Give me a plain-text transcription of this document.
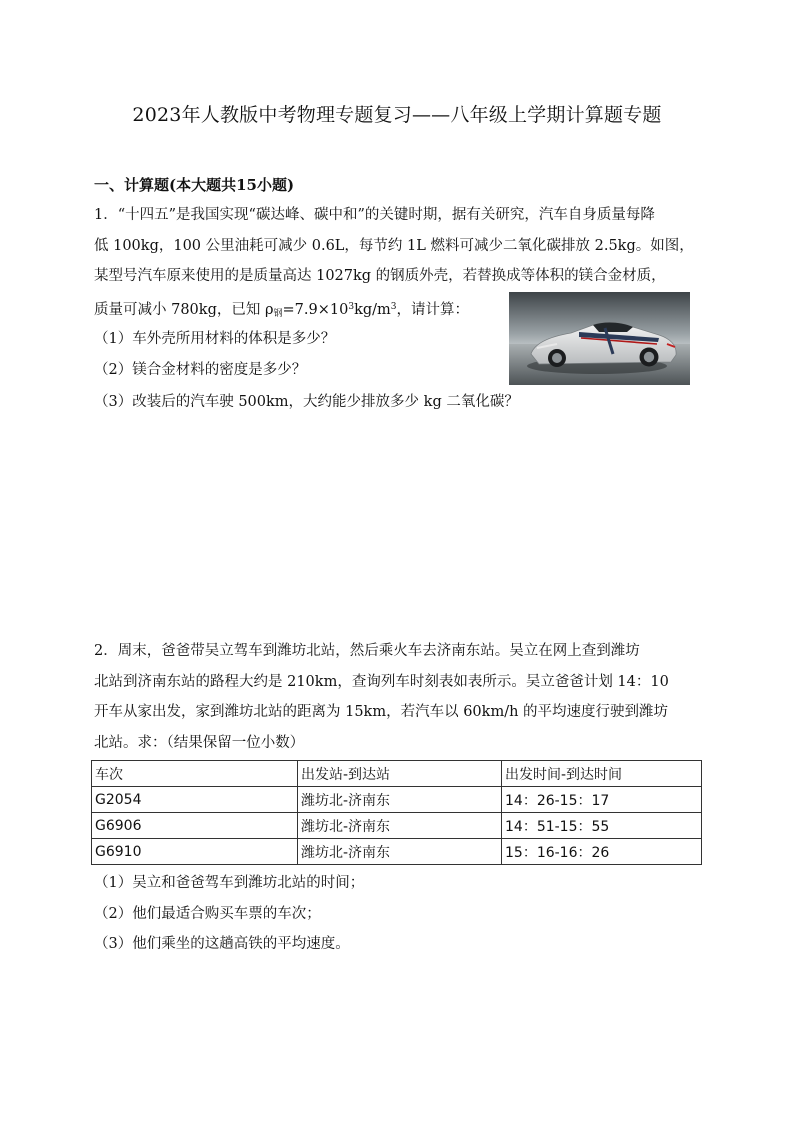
2023年人教版中考物理专题复习——八年级上学期计算题专题
一、计算题(本大题共15小题)
1．“十四五”是我国实现“碳达峰、碳中和”的关键时期，据有关研究，汽车自身质量每降
低 100kg，100 公里油耗可减少 0.6L，每节约 1L 燃料可减少二氧化碳排放 2.5kg。如图，
某型号汽车原来使用的是质量高达 1027kg 的钢质外壳，若替换成等体积的镁合金材质，
质量可减小 780kg，已知 $\rho_钢=7.9\times 10^3kg/m^3$，请计算：
（1）车外壳所用材料的体积是多少？
（2）镁合金材料的密度是多少？
（3）改装后的汽车驶 500km，大约能少排放多少 kg 二氧化碳？
2．周末，爸爸带吴立驾车到潍坊北站，然后乘火车去济南东站。吴立在网上查到潍坊
北站到济南东站的路程大约是 210km，查询列车时刻表如表所示。吴立爸爸计划 14：10
开车从家出发，家到潍坊北站的距离为 15km，若汽车以 60km/h 的平均速度行驶到潍坊
北站。求：（结果保留一位小数）
车次	出发站-到达站	出发时间-到达时间
G2054	潍坊北-济南东	14：26-15：17
G6906	潍坊北-济南东	14：51-15：55
G6910	潍坊北-济南东	15：16-16：26
（1）吴立和爸爸驾车到潍坊北站的时间；
（2）他们最适合购买车票的车次；
（3）他们乘坐的这趟高铁的平均速度。
